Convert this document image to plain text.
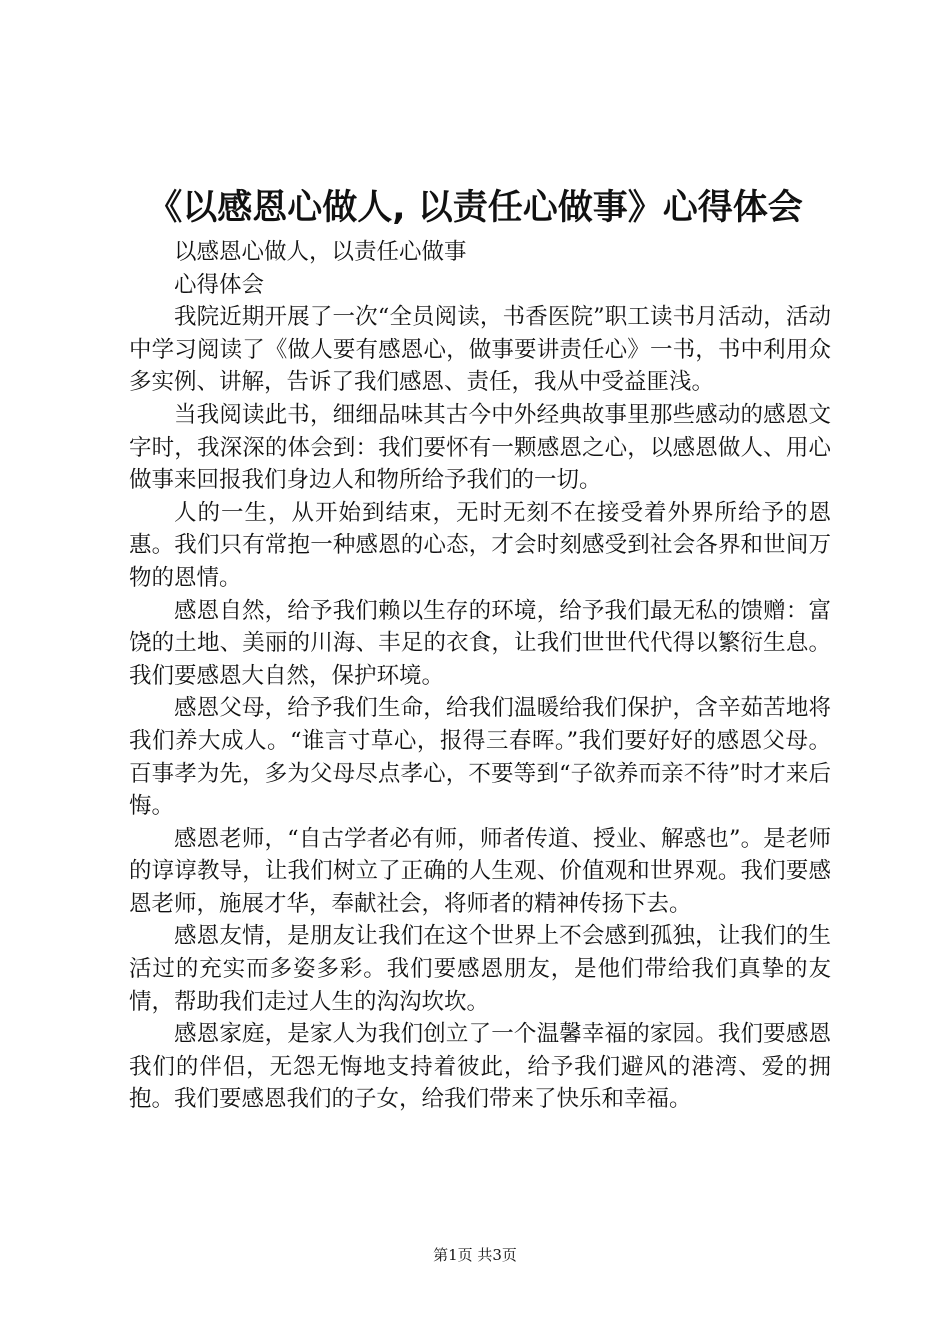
《以感恩心做人, 以责任心做事》心得体会

以感恩心做人，以责任心做事

心得体会

我院近期开展了一次“全员阅读，书香医院”职工读书月活动，活动中学习阅读了《做人要有感恩心，做事要讲责任心》一书，书中利用众多实例、讲解，告诉了我们感恩、责任，我从中受益匪浅。

当我阅读此书，细细品味其古今中外经典故事里那些感动的感恩文字时，我深深的体会到：我们要怀有一颗感恩之心，以感恩做人、用心做事来回报我们身边人和物所给予我们的一切。

人的一生，从开始到结束，无时无刻不在接受着外界所给予的恩惠。我们只有常抱一种感恩的心态，才会时刻感受到社会各界和世间万物的恩情。

感恩自然，给予我们赖以生存的环境，给予我们最无私的馈赠：富饶的土地、美丽的川海、丰足的衣食，让我们世世代代得以繁衍生息。我们要感恩大自然，保护环境。

感恩父母，给予我们生命，给我们温暖给我们保护，含辛茹苦地将我们养大成人。“谁言寸草心，报得三春晖。”我们要好好的感恩父母。百事孝为先，多为父母尽点孝心，不要等到“子欲养而亲不待”时才来后悔。

感恩老师，“自古学者必有师，师者传道、授业、解惑也”。是老师的谆谆教导，让我们树立了正确的人生观、价值观和世界观。我们要感恩老师，施展才华，奉献社会，将师者的精神传扬下去。

感恩友情，是朋友让我们在这个世界上不会感到孤独，让我们的生活过的充实而多姿多彩。我们要感恩朋友，是他们带给我们真挚的友情，帮助我们走过人生的沟沟坎坎。

感恩家庭，是家人为我们创立了一个温馨幸福的家园。我们要感恩我们的伴侣，无怨无悔地支持着彼此，给予我们避风的港湾、爱的拥抱。我们要感恩我们的子女，给我们带来了快乐和幸福。

第1页 共3页
